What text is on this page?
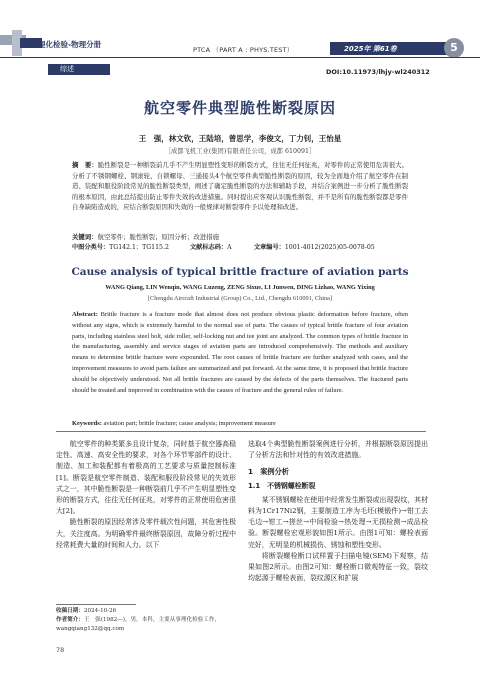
理化检验-物理分册
PTCA （PART A : PHYS.TEST）	2025年 第61卷	5
综述	DOI:10.11973/lhjy-wl240312
航空零件典型脆性断裂原因
王　强，林文钦，王陆培，曾思学，李俊文，丁力钊，王怡星
［成都飞机工业(集团)有限责任公司，成都 610091］
摘　要：脆性断裂是一种断裂前几乎不产生明显塑性变形的断裂方式，往往无任何征兆，对零件的正常使用危害很大。分析了不锈钢螺栓、钢滚轮、自锁螺母、三通接头4个航空零件典型脆性断裂的原因，较为全面地介绍了航空零件在制造、装配和服役阶段常见的脆性断裂类型，阐述了确定脆性断裂的方法和辅助手段，并结合案例进一步分析了脆性断裂的根本原因，由此总结提出防止零件失效的改进措施。同时提出应客观认识脆性断裂，并不是所有的脆性断裂都是零件自身缺陷造成的，应结合断裂原因和失效的一般规律对断裂零件予以处理和改进。
关键词：航空零件；脆性断裂；原因分析；改进措施
中图分类号：TG142.1；TG115.2	文献标志码：A	文章编号：1001-4012(2025)05-0078-05
Cause analysis of typical brittle fracture of aviation parts
WANG Qiang, LIN Wenqin, WANG Luzeng, ZENG Sixue, LI Junwen, DING Lizhao, WANG Yixing
[Chengdu Aircraft Industrial (Group) Co., Ltd., Chengdu 610091, China]
Abstract: Brittle fracture is a fracture mode that almost does not produce obvious plastic deformation before fracture, often without any signs, which is extremely harmful to the normal use of parts. The causes of typical brittle fracture of four aviation parts, including stainless steel bolt, side roller, self-locking nut and tee joint are analyzed. The common types of brittle fracture in the manufacturing, assembly and service stages of aviation parts are introduced comprehensively. The methods and auxiliary means to determine brittle fracture were expounded. The root causes of brittle fracture are further analyzed with cases, and the improvement measures to avoid parts failure are summarized and put forward. At the same time, it is proposed that brittle fracture should be objectively understood. Not all brittle fractures are caused by the defects of the parts themselves. The fractured parts should be treated and improved in combination with the causes of fracture and the general rules of failure.
Keywords: aviation part; brittle fracture; cause analysis; improvement measure

航空零件的种类繁多且设计复杂，同时基于航空器高稳定性、高速、高安全性的要求，对各个环节零部件的设计、制造、加工和装配都有着极高的工艺要求与质量控制标准[1]。断裂是航空零件制造、装配和服役阶段常见的失效形式之一，其中脆性断裂是一种断裂前几乎不产生明显塑性变形的断裂方式，往往无任何征兆，对零件的正常使用危害很大[2]。

脆性断裂的原因经常涉及零件载次性问题，其危害性极大，关注度高。为明确零件最终断裂原因，故障分析过程中经常耗费大量的时间和人力。以下

选取4个典型脆性断裂案例进行分析，并根据断裂原因提出了分析方法和针对性的有效改进措施。

1　案例分析
1.1　不锈钢螺栓断裂

某不锈钢螺栓在使用中经常发生断裂或出现裂纹，其材料为1Cr17Ni2钢，主要制造工序为毛坯(模锻件)→钳工去毛边→钳工→搓丝→中间检验→热处理→无损检测→成品检验。断裂螺栓宏观形貌如图1所示。由图1可知：螺栓表面完好，无明显的机械损伤、锈蚀和塑性变形。

将断裂螺栓断口试样置于扫描电镜(SEM)下观察，结果如图2所示。由图2可知：螺栓断口微观特征一致，裂纹均起源于螺栓表面，裂纹源区和扩展

收稿日期：2024-10-26
作者简介：王　强(1982—)，男，本科，主要从事理化检验工作，wangqiang132@qq.com
78
